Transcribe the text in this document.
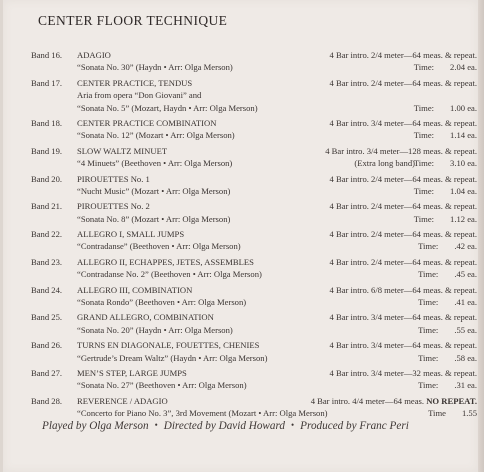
CENTER FLOOR TECHNIQUE
Band 16. ADAGIO	4 Bar intro. 2/4 meter—64 meas. & repeat.
“Sonata No. 30” (Haydn • Arr: Olga Merson)	Time: 2.04 ea.
Band 17. CENTER PRACTICE, TENDUS	4 Bar intro. 2/4 meter—64 meas. & repeat.
Aria from opera “Don Giovani” and
“Sonata No. 5” (Mozart, Haydn • Arr: Olga Merson)	Time: 1.00 ea.
Band 18. CENTER PRACTICE COMBINATION	4 Bar intro. 3/4 meter—64 meas. & repeat.
“Sonata No. 12” (Mozart • Arr: Olga Merson)	Time: 1.14 ea.
Band 19. SLOW WALTZ MINUET	4 Bar intro. 3/4 meter—128 meas. & repeat.
“4 Minuets” (Beethoven • Arr: Olga Merson)	(Extra long band)
Time: 3.10 ea.
Band 20. PIROUETTES No. 1	4 Bar intro. 2/4 meter—64 meas. & repeat.
“Nucht Music” (Mozart • Arr: Olga Merson)	Time: 1.04 ea.
Band 21. PIROUETTES No. 2	4 Bar intro. 2/4 meter—64 meas. & repeat.
“Sonata No. 8” (Mozart • Arr: Olga Merson)	Time: 1.12 ea.
Band 22. ALLEGRO I, SMALL JUMPS	4 Bar intro. 2/4 meter—64 meas. & repeat.
“Contradanse” (Beethoven • Arr: Olga Merson)	Time: .42 ea.
Band 23. ALLEGRO II, ECHAPPES, JETES, ASSEMBLES	4 Bar intro. 2/4 meter—64 meas. & repeat.
“Contradanse No. 2” (Beethoven • Arr: Olga Merson)	Time: .45 ea.
Band 24. ALLEGRO III, COMBINATION	4 Bar intro. 6/8 meter—64 meas. & repeat.
“Sonata Rondo” (Beethoven • Arr: Olga Merson)	Time: .41 ea.
Band 25. GRAND ALLEGRO, COMBINATION	4 Bar intro. 3/4 meter—64 meas. & repeat.
“Sonata No. 20” (Haydn • Arr: Olga Merson)	Time: .55 ea.
Band 26. TURNS EN DIAGONALE, FOUETTES, CHENIES	4 Bar intro. 3/4 meter—64 meas. & repeat.
“Gertrude’s Dream Waltz” (Haydn • Arr: Olga Merson)	Time: .58 ea.
Band 27. MEN’S STEP, LARGE JUMPS	4 Bar intro. 3/4 meter—32 meas. & repeat.
“Sonata No. 27” (Beethoven • Arr: Olga Merson)	Time: .31 ea.
Band 28. REVERENCE / ADAGIO	4 Bar intro. 4/4 meter—64 meas. NO REPEAT.
“Concerto for Piano No. 3”, 3rd Movement (Mozart • Arr: Olga Merson)	Time 1.55
Played by Olga Merson • Directed by David Howard • Produced by Franc Peri
